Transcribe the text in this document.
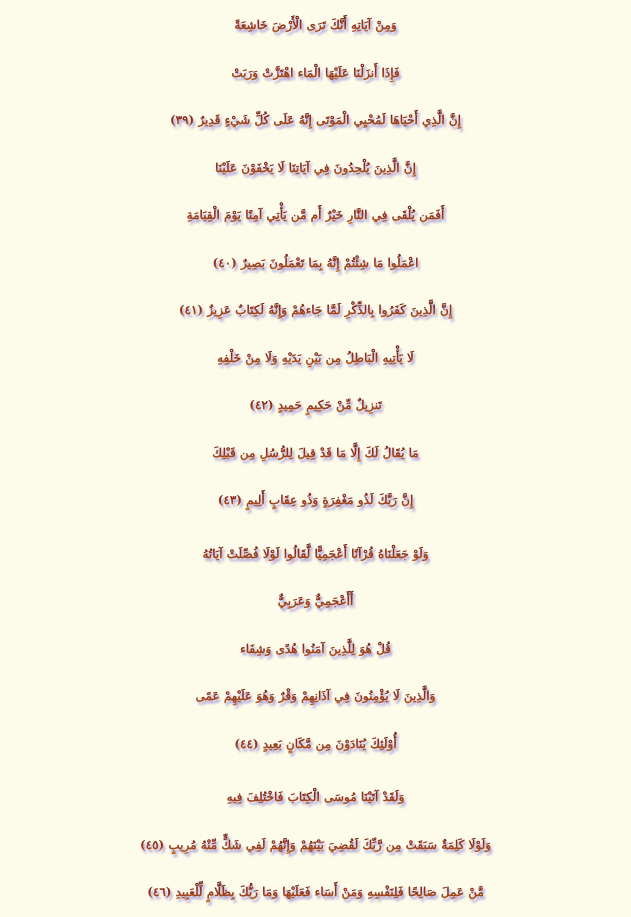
وَمِنْ آيَاتِهِ أَنَّكَ تَرَى الْأَرْضَ خَاشِعَةً
فَإِذَا أَنزَلْنَا عَلَيْهَا الْمَاء اهْتَزَّتْ وَرَبَتْ
إِنَّ الَّذِي أَحْيَاهَا لَمُحْيِي الْمَوْتَى إِنَّهُ عَلَى كُلِّ شَيْءٍ قَدِيرٌ (٣٩)
إِنَّ الَّذِينَ يُلْحِدُونَ فِي آيَاتِنَا لَا يَخْفَوْنَ عَلَيْنَا
أَفَمَن يُلْقَى فِي النَّارِ خَيْرٌ أَم مَّن يَأْتِي آمِنًا يَوْمَ الْقِيَامَةِ
اعْمَلُوا مَا شِئْتُمْ إِنَّهُ بِمَا تَعْمَلُونَ بَصِيرٌ (٤٠)
إِنَّ الَّذِينَ كَفَرُوا بِالذِّكْرِ لَمَّا جَاءهُمْ وَإِنَّهُ لَكِتَابٌ عَزِيزٌ (٤١)
لَا يَأْتِيهِ الْبَاطِلُ مِن بَيْنِ يَدَيْهِ وَلَا مِنْ خَلْفِهِ
تَنزِيلٌ مِّنْ حَكِيمٍ حَمِيدٍ (٤٢)
مَا يُقَالُ لَكَ إِلَّا مَا قَدْ قِيلَ لِلرُّسُلِ مِن قَبْلِكَ
إِنَّ رَبَّكَ لَذُو مَغْفِرَةٍ وَذُو عِقَابٍ أَلِيمٍ (٤٣)
وَلَوْ جَعَلْنَاهُ قُرْآنًا أَعْجَمِيًّا لَّقَالُوا لَوْلَا فُصِّلَتْ آيَاتُهُ
أَأَعْجَمِيٌّ وَعَرَبِيٌّ
قُلْ هُوَ لِلَّذِينَ آمَنُوا هُدًى وَشِفَاء
وَالَّذِينَ لَا يُؤْمِنُونَ فِي آذَانِهِمْ وَقْرٌ وَهُوَ عَلَيْهِمْ عَمًى
أُوْلَئِكَ يُنَادَوْنَ مِن مَّكَانٍ بَعِيدٍ (٤٤)
وَلَقَدْ آتَيْنَا مُوسَى الْكِتَابَ فَاخْتُلِفَ فِيهِ
وَلَوْلَا كَلِمَةٌ سَبَقَتْ مِن رَّبِّكَ لَقُضِيَ بَيْنَهُمْ وَإِنَّهُمْ لَفِي شَكٍّ مِّنْهُ مُرِيبٍ (٤٥)
مَّنْ عَمِلَ صَالِحًا فَلِنَفْسِهِ وَمَنْ أَسَاء فَعَلَيْهَا وَمَا رَبُّكَ بِظَلَّامٍ لِّلْعَبِيدِ (٤٦)
